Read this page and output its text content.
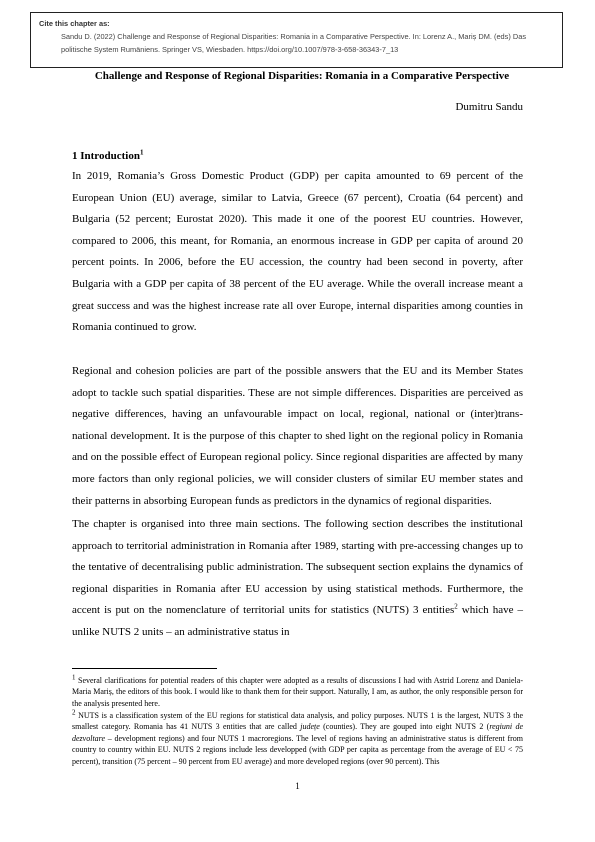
Cite this chapter as:
Sandu D. (2022) Challenge and Response of Regional Disparities: Romania in a Comparative Perspective. In: Lorenz A., Mariș DM. (eds) Das politische System Rumäniens. Springer VS, Wiesbaden. https://doi.org/10.1007/978-3-658-36343-7_13
Challenge and Response of Regional Disparities: Romania in a Comparative Perspective
Dumitru Sandu
1 Introduction$^1$

In 2019, Romania’s Gross Domestic Product (GDP) per capita amounted to 69 percent of the European Union (EU) average, similar to Latvia, Greece (67 percent), Croatia (64 percent) and Bulgaria (52 percent; Eurostat 2020). This made it one of the poorest EU countries. However, compared to 2006, this meant, for Romania, an enormous increase in GDP per capita of around 20 percent points. In 2006, before the EU accession, the country had been second in poverty, after Bulgaria with a GDP per capita of 38 percent of the EU average. While the overall increase meant a great success and was the highest increase rate all over Europe, internal disparities among counties in Romania continued to grow.

Regional and cohesion policies are part of the possible answers that the EU and its Member States adopt to tackle such spatial disparities. These are not simple differences. Disparities are perceived as negative differences, having an unfavourable impact on local, regional, national or (inter)trans-national development. It is the purpose of this chapter to shed light on the regional policy in Romania and on the possible effect of European regional policy. Since regional disparities are affected by many more factors than only regional policies, we will consider clusters of similar EU member states and their patterns in absorbing European funds as predictors in the dynamics of regional disparities.

The chapter is organised into three main sections. The following section describes the institutional approach to territorial administration in Romania after 1989, starting with pre-accessing changes up to the tentative of decentralising public administration. The subsequent section explains the dynamics of regional disparities in Romania after EU accession by using statistical methods. Furthermore, the accent is put on the nomenclature of territorial units for statistics (NUTS) 3 entities$^2$ which have – unlike NUTS 2 units – an administrative status in

1 Several clarifications for potential readers of this chapter were adopted as a results of discussions I had with Astrid Lorenz and Daniela-Maria Mariș, the editors of this book. I would like to thank them for their support. Naturally, I am, as author, the only responsible person for the analysis presented here.

2 NUTS is a classification system of the EU regions for statistical data analysis, and policy purposes. NUTS 1 is the largest, NUTS 3 the smallest category. Romania has 41 NUTS 3 entities that are called județe (counties). They are gouped into eight NUTS 2 (regiuni de dezvoltare – development regions) and four NUTS 1 macroregions. The level of regions having an administrative status is different from country to country within EU. NUTS 2 regions include less developped (with GDP per capita as percentage from the average of EU < 75 percent), transition (75 percent – 90 percent from EU average) and more developed regions (over 90 percent). This

1
